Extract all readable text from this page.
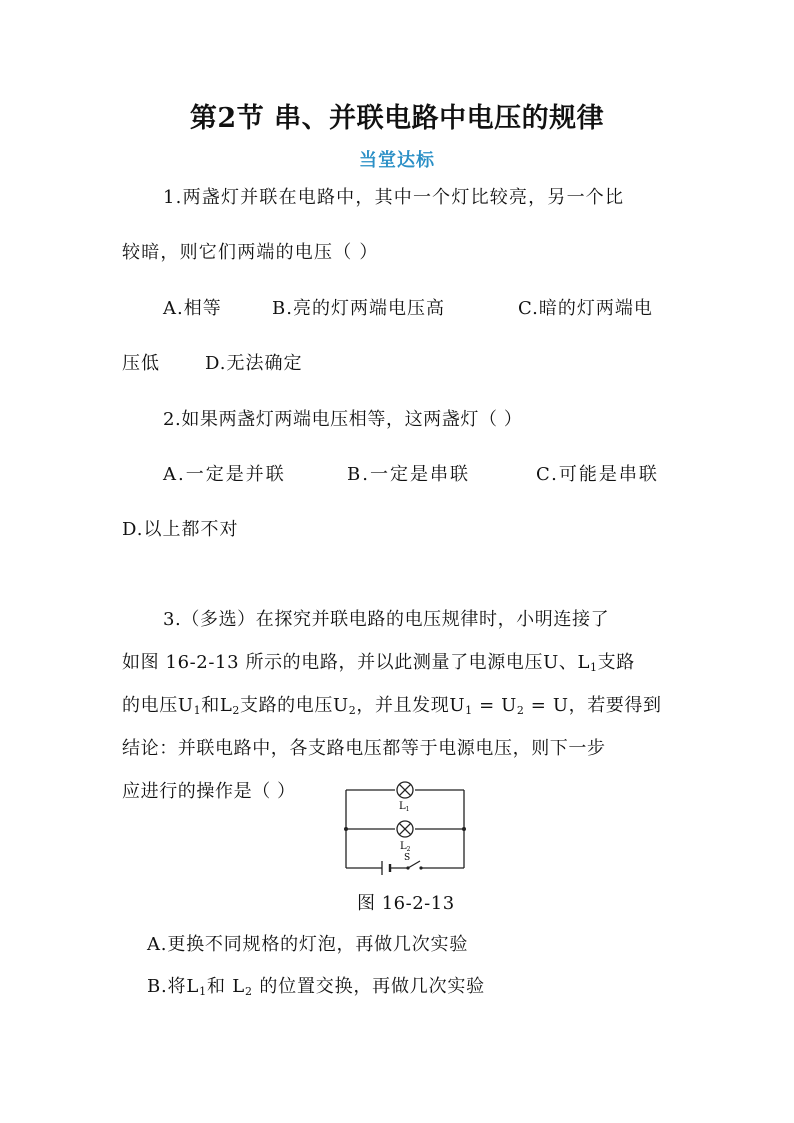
第2节 串、并联电路中电压的规律
当堂达标
1.两盏灯并联在电路中，其中一个灯比较亮，另一个比
较暗，则它们两端的电压（ ）
A.相等	B.亮的灯两端电压高	C.暗的灯两端电
压低	D.无法确定
2.如果两盏灯两端电压相等，这两盏灯（ ）
A.一定是并联	B.一定是串联	C.可能是串联
D.以上都不对
3.（多选）在探究并联电路的电压规律时，小明连接了
如图 16-2-13 所示的电路，并以此测量了电源电压U、L1支路
的电压U1和L2支路的电压U2，并且发现U1 = U2 = U，若要得到
结论：并联电路中，各支路电压都等于电源电压，则下一步
应进行的操作是（ ）
$L_1$
$L_2$
S
图 16-2-13
A.更换不同规格的灯泡，再做几次实验
B.将L1和 L2 的位置交换，再做几次实验
